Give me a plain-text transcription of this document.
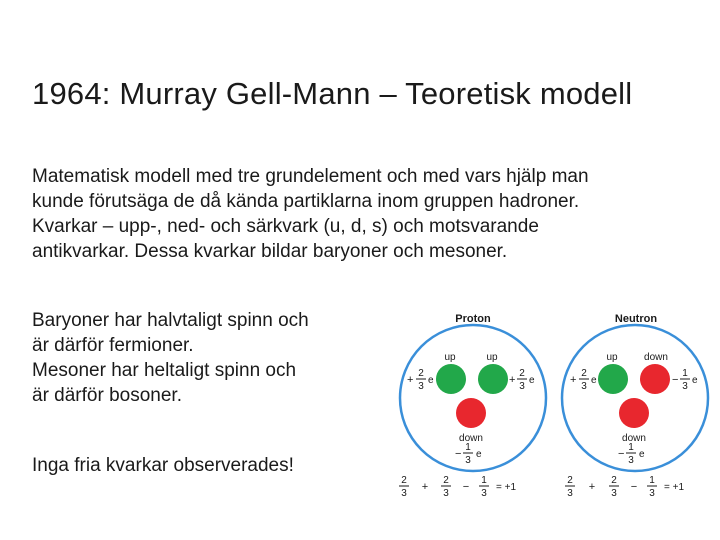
1964: Murray Gell-Mann – Teoretisk modell
Matematisk modell med tre grundelement och med vars hjälp man
kunde förutsäga de då kända partiklarna inom gruppen hadroner.
Kvarkar – upp-, ned- och särkvark (u, d, s) och motsvarande
antikvarkar. Dessa kvarkar bildar baryoner och mesoner.
Baryoner har halvtaligt spinn och
är därför fermioner.
Mesoner har heltaligt spinn och
är därför bosoner.
Inga fria kvarkar observerades!
Proton
up	up
down
+
2
3
e	+
2
3
e
−
1
3
e
2
3
+
2
3
−
1
3
= +1
Neutron
up	down
down
+
2
3
e	−
1
3
e
−
1
3
e
2
3
+
2
3
−
1
3
= +1
